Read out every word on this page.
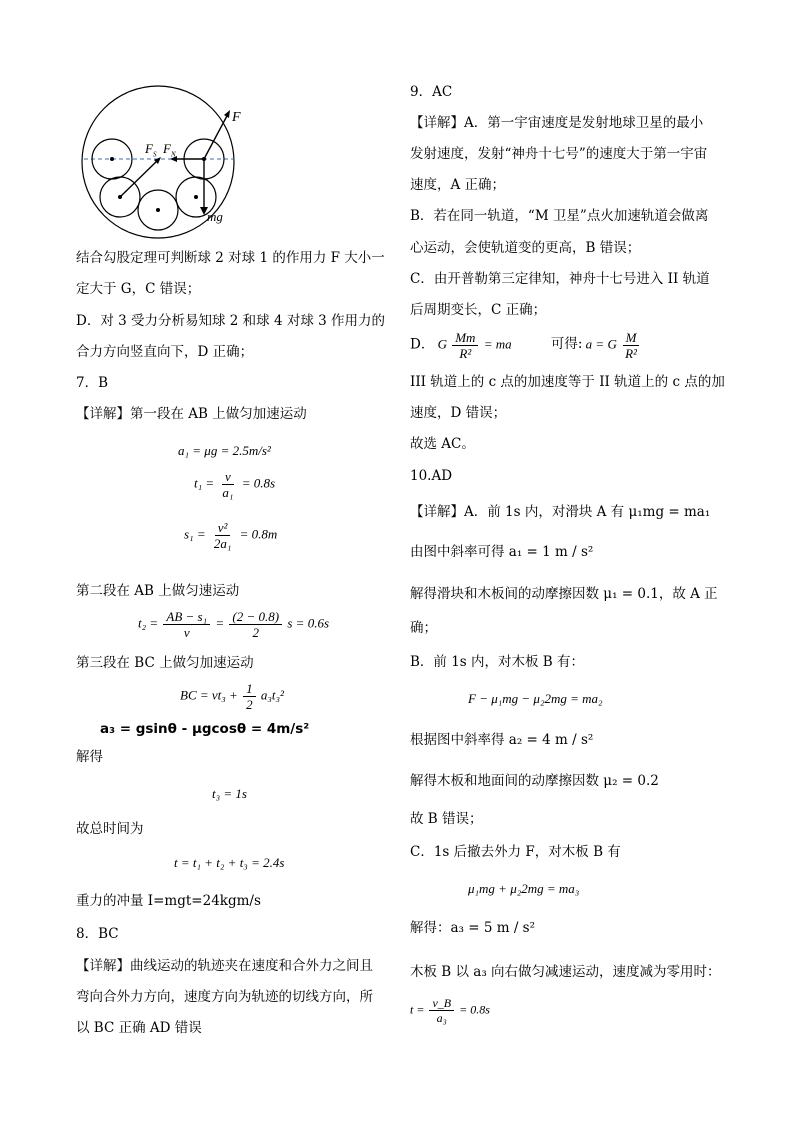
F
$F_S$ $F_N$
mg
结合勾股定理可判断球 2 对球 1 的作用力 F 大小一
定大于 G，C 错误；
D．对 3 受力分析易知球 2 和球 4 对球 3 作用力的
合力方向竖直向下，D 正确；
7．B
【详解】第一段在 AB 上做匀加速运动
a₁ = μg = 2.5m/s²
$t_1 = \frac{v}{\text{a₁}} = 0.8s$
$s_1 = \frac{\text{v²}}{\text{2a₁}} = 0.8m$
第二段在 AB 上做匀速运动
$t_2 = \frac{\text{AB − s₁}}{v} = \frac{(2 - 0.8)}{2}$ s = 0.6s
第三段在 BC 上做匀加速运动
BC = $vt_3 + \frac{1}{2} a_3t_3^2$
a₃ = gsinθ - μgcosθ = 4m/s²
解得
t₃ = 1s
故总时间为
t = t₁ + t₂ + t₃ = 2.4s
重力的冲量 I=mgt=24kgm/s
8．BC
【详解】曲线运动的轨迹夹在速度和合外力之间且
弯向合外力方向，速度方向为轨迹的切线方向，所
以 BC 正确 AD 错误
9．AC
【详解】A．第一宇宙速度是发射地球卫星的最小
发射速度，发射“神舟十七号”的速度大于第一宇宙
速度，A 正确；
B．若在同一轨道，“M 卫星”点火加速轨道会做离
心运动，会使轨道变的更高，B 错误；
C．由开普勒第三定律知，神舟十七号进入 II 轨道
后周期变长，C 正确；
D． G $\frac{Mm}{\text{R²}}$ = ma	可得: a = G $\frac{M}{\text{R²}}$
III 轨道上的 c 点的加速度等于 II 轨道上的 c 点的加
速度，D 错误；
故选 AC。
10.AD
【详解】A．前 1s 内，对滑块 A 有 μ₁mg = ma₁
由图中斜率可得 a₁ = 1 m / s²
解得滑块和木板间的动摩擦因数 μ₁ = 0.1，故 A 正
确；
B．前 1s 内，对木板 B 有：
F − μ₁mg − μ₂2mg = ma₂
根据图中斜率得 a₂ = 4 m / s²
解得木板和地面间的动摩擦因数 μ₂ = 0.2
故 B 错误；
C．1s 后撤去外力 F，对木板 B 有
μ₁mg + μ₂2mg = ma₃
解得：a₃ = 5 m / s²
木板 B 以 a₃ 向右做匀减速运动，速度减为零用时：
$t = \frac{v\_B}{\text{a₃}} = 0.8s$
